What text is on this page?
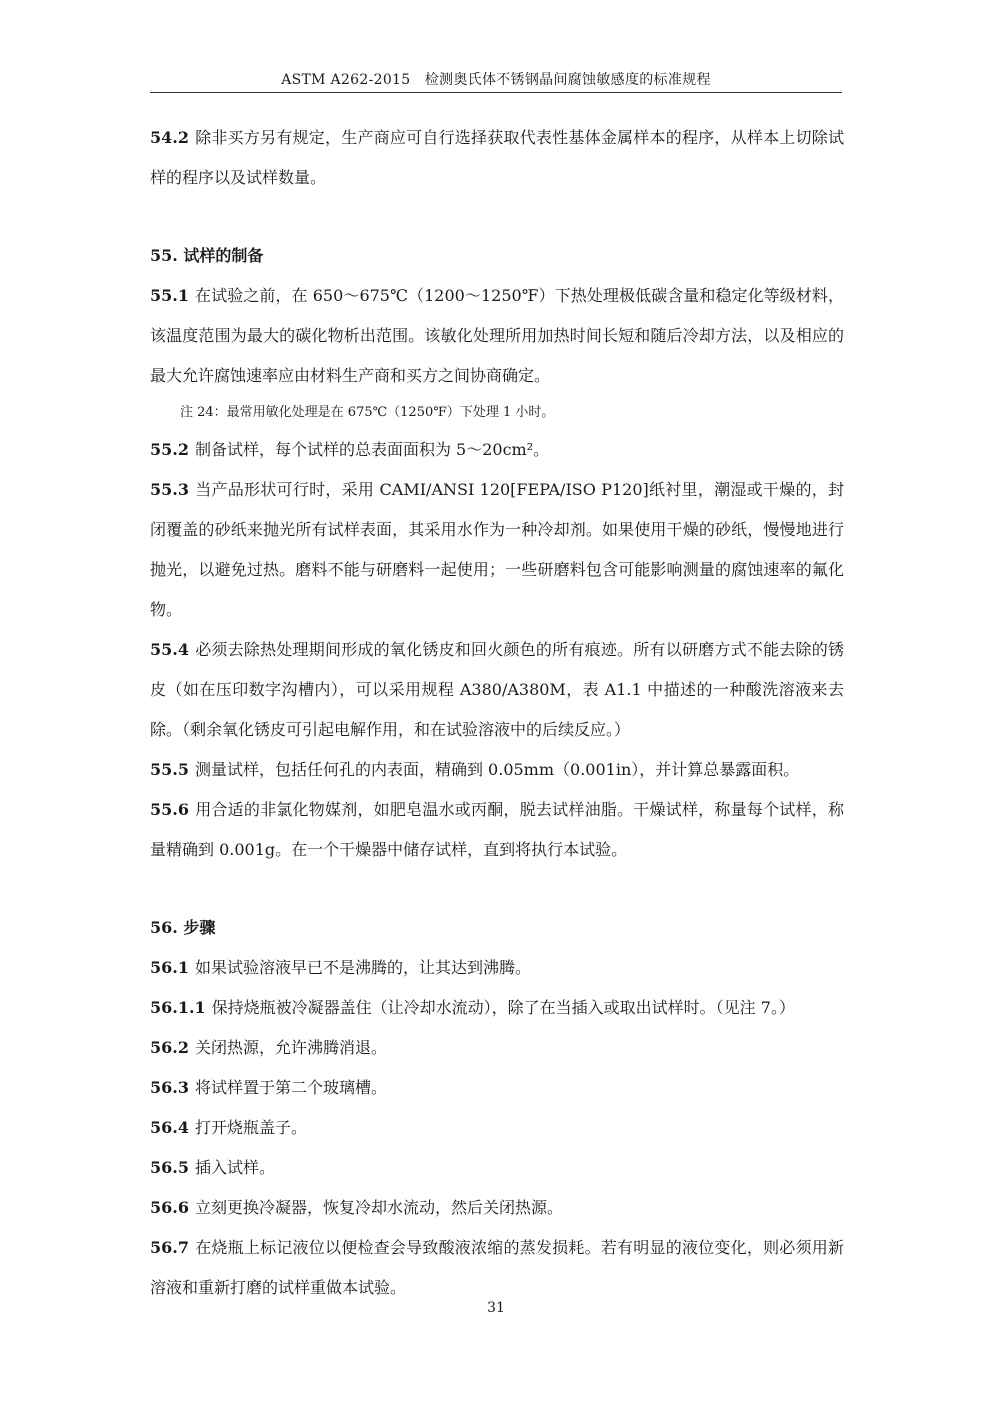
ASTM A262-2015　检测奥氏体不锈钢晶间腐蚀敏感度的标准规程

54.2 除非买方另有规定，生产商应可自行选择获取代表性基体金属样本的程序，从样本上切除试样的程序以及试样数量。

55. 试样的制备

55.1 在试验之前，在 650～675℃（1200～1250℉）下热处理极低碳含量和稳定化等级材料，该温度范围为最大的碳化物析出范围。该敏化处理所用加热时间长短和随后冷却方法，以及相应的最大允许腐蚀速率应由材料生产商和买方之间协商确定。

注 24：最常用敏化处理是在 675℃（1250℉）下处理 1 小时。

55.2 制备试样，每个试样的总表面面积为 5～20cm²。

55.3 当产品形状可行时，采用 CAMI/ANSI 120[FEPA/ISO P120]纸衬里，潮湿或干燥的，封闭覆盖的砂纸来抛光所有试样表面，其采用水作为一种冷却剂。如果使用干燥的砂纸，慢慢地进行抛光，以避免过热。磨料不能与研磨料一起使用；一些研磨料包含可能影响测量的腐蚀速率的氟化物。

55.4 必须去除热处理期间形成的氧化锈皮和回火颜色的所有痕迹。所有以研磨方式不能去除的锈皮（如在压印数字沟槽内），可以采用规程 A380/A380M，表 A1.1 中描述的一种酸洗溶液来去除。（剩余氧化锈皮可引起电解作用，和在试验溶液中的后续反应。）

55.5 测量试样，包括任何孔的内表面，精确到 0.05mm（0.001in），并计算总暴露面积。

55.6 用合适的非氯化物媒剂，如肥皂温水或丙酮，脱去试样油脂。干燥试样，称量每个试样，称量精确到 0.001g。在一个干燥器中储存试样，直到将执行本试验。

56. 步骤

56.1 如果试验溶液早已不是沸腾的，让其达到沸腾。

56.1.1 保持烧瓶被冷凝器盖住（让冷却水流动），除了在当插入或取出试样时。（见注 7。）

56.2 关闭热源，允许沸腾消退。

56.3 将试样置于第二个玻璃槽。

56.4 打开烧瓶盖子。

56.5 插入试样。

56.6 立刻更换冷凝器，恢复冷却水流动，然后关闭热源。

56.7 在烧瓶上标记液位以便检查会导致酸液浓缩的蒸发损耗。若有明显的液位变化，则必须用新溶液和重新打磨的试样重做本试验。

31
